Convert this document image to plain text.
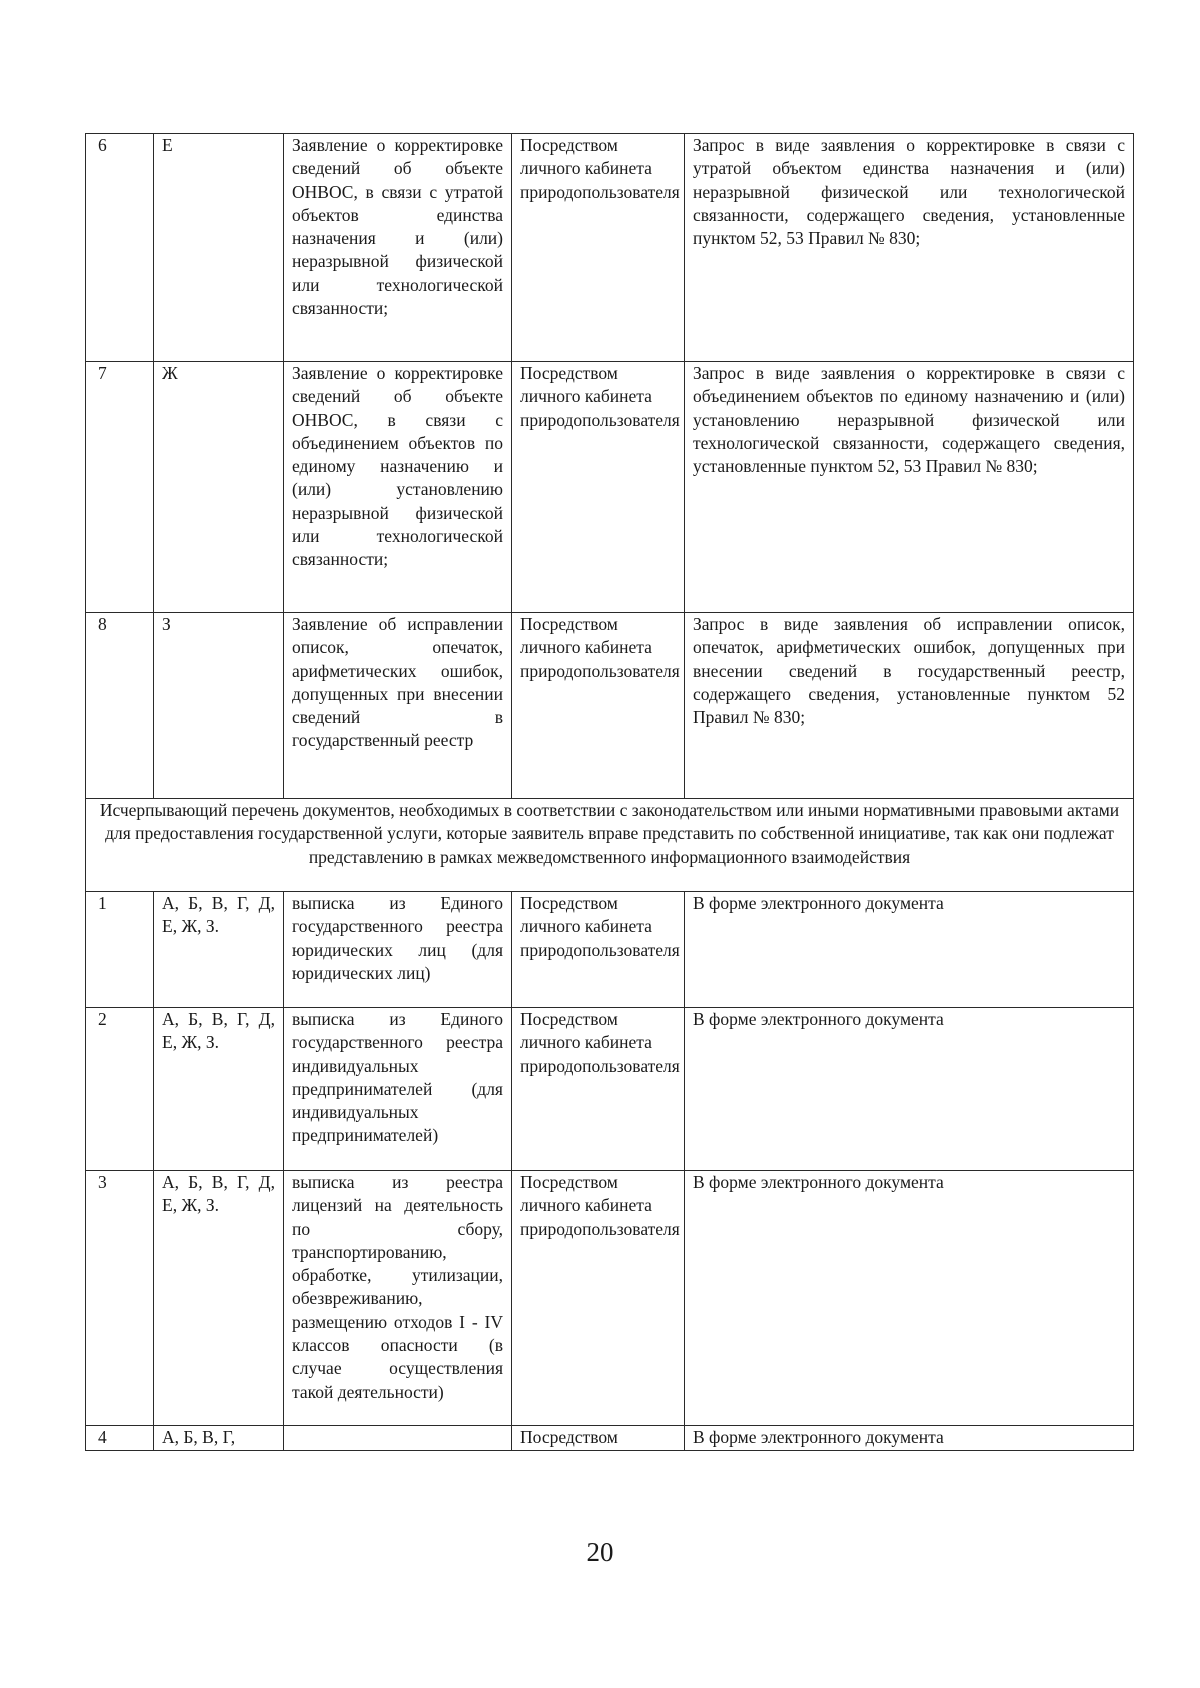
6	Е	Заявление о корректировке сведений об объекте ОНВОС, в связи с утратой объектов единства назначения и (или) неразрывной физической или технологической связанности;	Посредством личного кабинета природопользователя	Запрос в виде заявления о корректировке в связи с утратой объектом единства назначения и (или) неразрывной физической или технологической связанности, содержащего сведения, установленные пунктом 52, 53 Правил № 830;
7	Ж	Заявление о корректировке сведений об объекте ОНВОС, в связи с объединением объектов по единому назначению и (или) установлению неразрывной физической или технологической связанности;	Посредством личного кабинета природопользователя	Запрос в виде заявления о корректировке в связи с объединением объектов по единому назначению и (или) установлению неразрывной физической или технологической связанности, содержащего сведения, установленные пунктом 52, 53 Правил № 830;
8	З	Заявление об исправлении описок, опечаток, арифметических ошибок, допущенных при внесении сведений в государственный реестр	Посредством личного кабинета природопользователя	Запрос в виде заявления об исправлении описок, опечаток, арифметических ошибок, допущенных при внесении сведений в государственный реестр, содержащего сведения, установленные пунктом 52 Правил № 830;
Исчерпывающий перечень документов, необходимых в соответствии с законодательством или иными нормативными правовыми актами для предоставления государственной услуги, которые заявитель вправе представить по собственной инициативе, так как они подлежат представлению в рамках межведомственного информационного взаимодействия				
1	А, Б, В, Г, Д, Е, Ж, З.	выписка из Единого государственного реестра юридических лиц (для юридических лиц)	Посредством личного кабинета природопользователя	В форме электронного документа
2	А, Б, В, Г, Д, Е, Ж, З.	выписка из Единого государственного реестра индивидуальных предпринимателей (для индивидуальных предпринимателей)	Посредством личного кабинета природопользователя	В форме электронного документа
3	А, Б, В, Г, Д, Е, Ж, З.	выписка из реестра лицензий на деятельность по сбору, транспортированию, обработке, утилизации, обезвреживанию, размещению отходов I - IV классов опасности (в случае осуществления такой деятельности)	Посредством личного кабинета природопользователя	В форме электронного документа
4	А, Б, В, Г,		Посредством	В форме электронного документа
20
